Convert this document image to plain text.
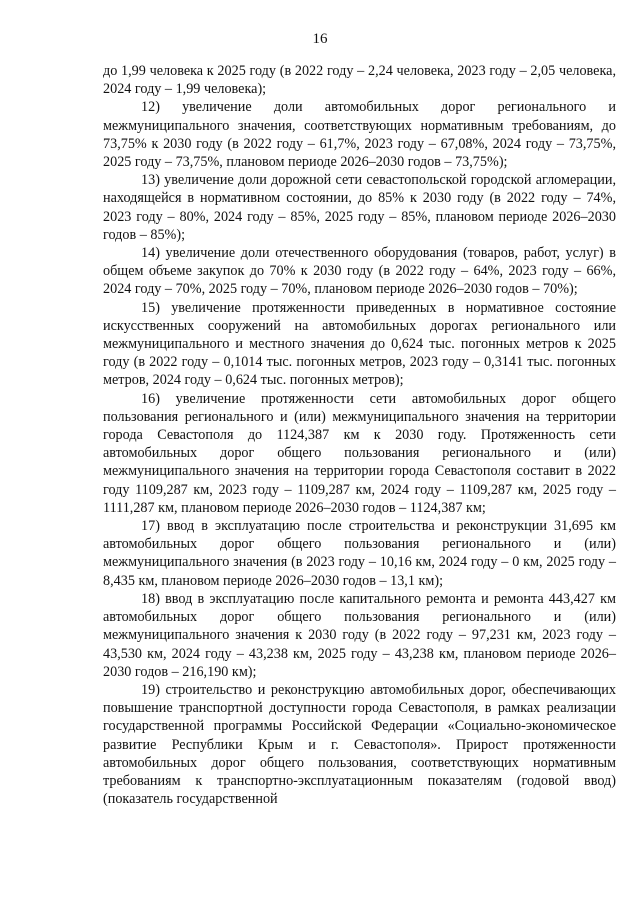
16

до 1,99 человека к 2025 году (в 2022 году – 2,24 человека, 2023 году – 2,05 человека, 2024 году – 1,99 человека);

12) увеличение доли автомобильных дорог регионального и межмуниципального значения, соответствующих нормативным требованиям, до 73,75% к 2030 году (в 2022 году – 61,7%, 2023 году – 67,08%, 2024 году – 73,75%, 2025 году – 73,75%, плановом периоде 2026–2030 годов – 73,75%);

13) увеличение доли дорожной сети севастопольской городской агломерации, находящейся в нормативном состоянии, до 85% к 2030 году (в 2022 году – 74%, 2023 году – 80%, 2024 году – 85%, 2025 году – 85%, плановом периоде 2026–2030 годов – 85%);

14) увеличение доли отечественного оборудования (товаров, работ, услуг) в общем объеме закупок до 70% к 2030 году (в 2022 году – 64%, 2023 году – 66%, 2024 году – 70%, 2025 году – 70%, плановом периоде 2026–2030 годов – 70%);

15) увеличение протяженности приведенных в нормативное состояние искусственных сооружений на автомобильных дорогах регионального или межмуниципального и местного значения до 0,624 тыс. погонных метров к 2025 году (в 2022 году – 0,1014 тыс. погонных метров, 2023 году – 0,3141 тыс. погонных метров, 2024 году – 0,624 тыс. погонных метров);

16) увеличение протяженности сети автомобильных дорог общего пользования регионального и (или) межмуниципального значения на территории города Севастополя до 1124,387 км к 2030 году. Протяженность сети автомобильных дорог общего пользования регионального и (или) межмуниципального значения на территории города Севастополя составит в 2022 году 1109,287 км, 2023 году – 1109,287 км, 2024 году – 1109,287 км, 2025 году – 1111,287 км, плановом периоде 2026–2030 годов – 1124,387 км;

17) ввод в эксплуатацию после строительства и реконструкции 31,695 км автомобильных дорог общего пользования регионального и (или) межмуниципального значения (в 2023 году – 10,16 км, 2024 году – 0 км, 2025 году – 8,435 км, плановом периоде 2026–2030 годов – 13,1 км);

18) ввод в эксплуатацию после капитального ремонта и ремонта 443,427 км автомобильных дорог общего пользования регионального и (или) межмуниципального значения к 2030 году (в 2022 году – 97,231 км, 2023 году – 43,530 км, 2024 году – 43,238 км, 2025 году – 43,238 км, плановом периоде 2026–2030 годов – 216,190 км);

19) строительство и реконструкцию автомобильных дорог, обеспечивающих повышение транспортной доступности города Севастополя, в рамках реализации государственной программы Российской Федерации «Социально-экономическое развитие Республики Крым и г. Севастополя». Прирост протяженности автомобильных дорог общего пользования, соответствующих нормативным требованиям к транспортно-эксплуатационным показателям (годовой ввод) (показатель государственной
